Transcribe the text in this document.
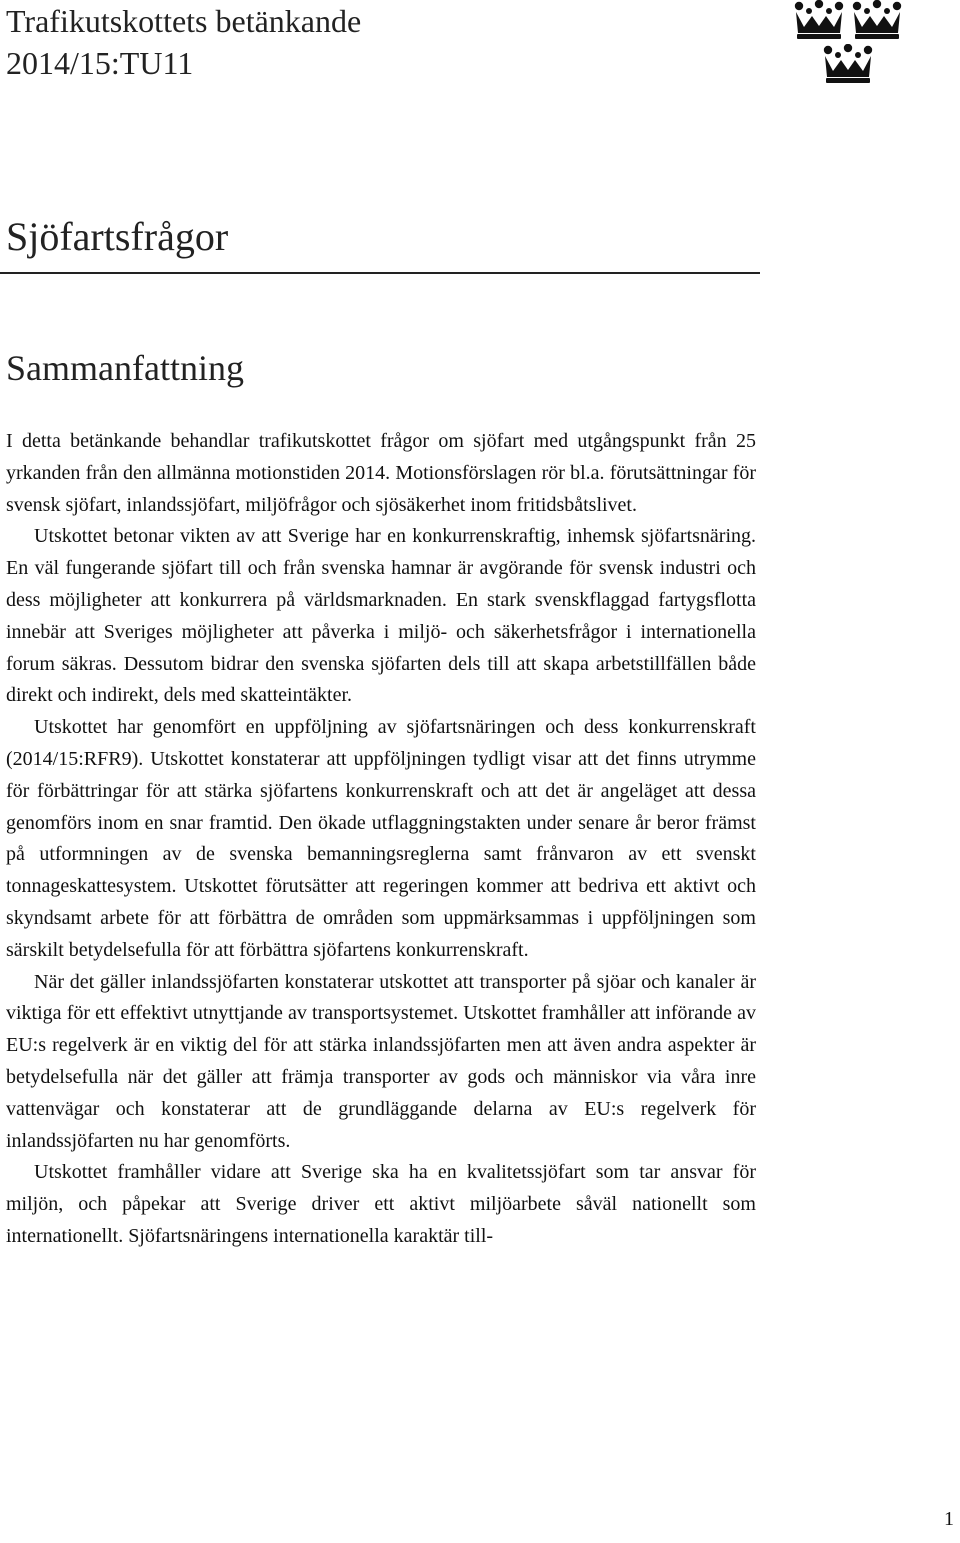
Trafikutskottets betänkande
2014/15:TU11
Sjöfartsfrågor
Sammanfattning

I detta betänkande behandlar trafikutskottet frågor om sjöfart med utgångspunkt från 25 yrkanden från den allmänna motionstiden 2014. Motionsförslagen rör bl.a. förutsättningar för svensk sjöfart, inlandssjöfart, miljöfrågor och sjösäkerhet inom fritidsbåtslivet.

Utskottet betonar vikten av att Sverige har en konkurrenskraftig, inhemsk sjöfartsnäring. En väl fungerande sjöfart till och från svenska hamnar är avgörande för svensk industri och dess möjligheter att konkurrera på världsmarknaden. En stark svenskflaggad fartygsflotta innebär att Sveriges möjligheter att påverka i miljö- och säkerhetsfrågor i internationella forum säkras. Dessutom bidrar den svenska sjöfarten dels till att skapa arbetstillfällen både direkt och indirekt, dels med skatteintäkter.

Utskottet har genomfört en uppföljning av sjöfartsnäringen och dess konkurrenskraft (2014/15:RFR9). Utskottet konstaterar att uppföljningen tydligt visar att det finns utrymme för förbättringar för att stärka sjöfartens konkurrenskraft och att det är angeläget att dessa genomförs inom en snar framtid. Den ökade utflaggningstakten under senare år beror främst på utformningen av de svenska bemanningsreglerna samt frånvaron av ett svenskt tonnageskattesystem. Utskottet förutsätter att regeringen kommer att bedriva ett aktivt och skyndsamt arbete för att förbättra de områden som uppmärksammas i uppföljningen som särskilt betydelsefulla för att förbättra sjöfartens konkurrenskraft.

När det gäller inlandssjöfarten konstaterar utskottet att transporter på sjöar och kanaler är viktiga för ett effektivt utnyttjande av transportsystemet. Utskottet framhåller att införande av EU:s regelverk är en viktig del för att stärka inlandssjöfarten men att även andra aspekter är betydelsefulla när det gäller att främja transporter av gods och människor via våra inre vattenvägar och konstaterar att de grundläggande delarna av EU:s regelverk för inlandssjöfarten nu har genomförts.

Utskottet framhåller vidare att Sverige ska ha en kvalitetssjöfart som tar ansvar för miljön, och påpekar att Sverige driver ett aktivt miljöarbete såväl nationellt som internationellt. Sjöfartsnäringens internationella karaktär till-

1
